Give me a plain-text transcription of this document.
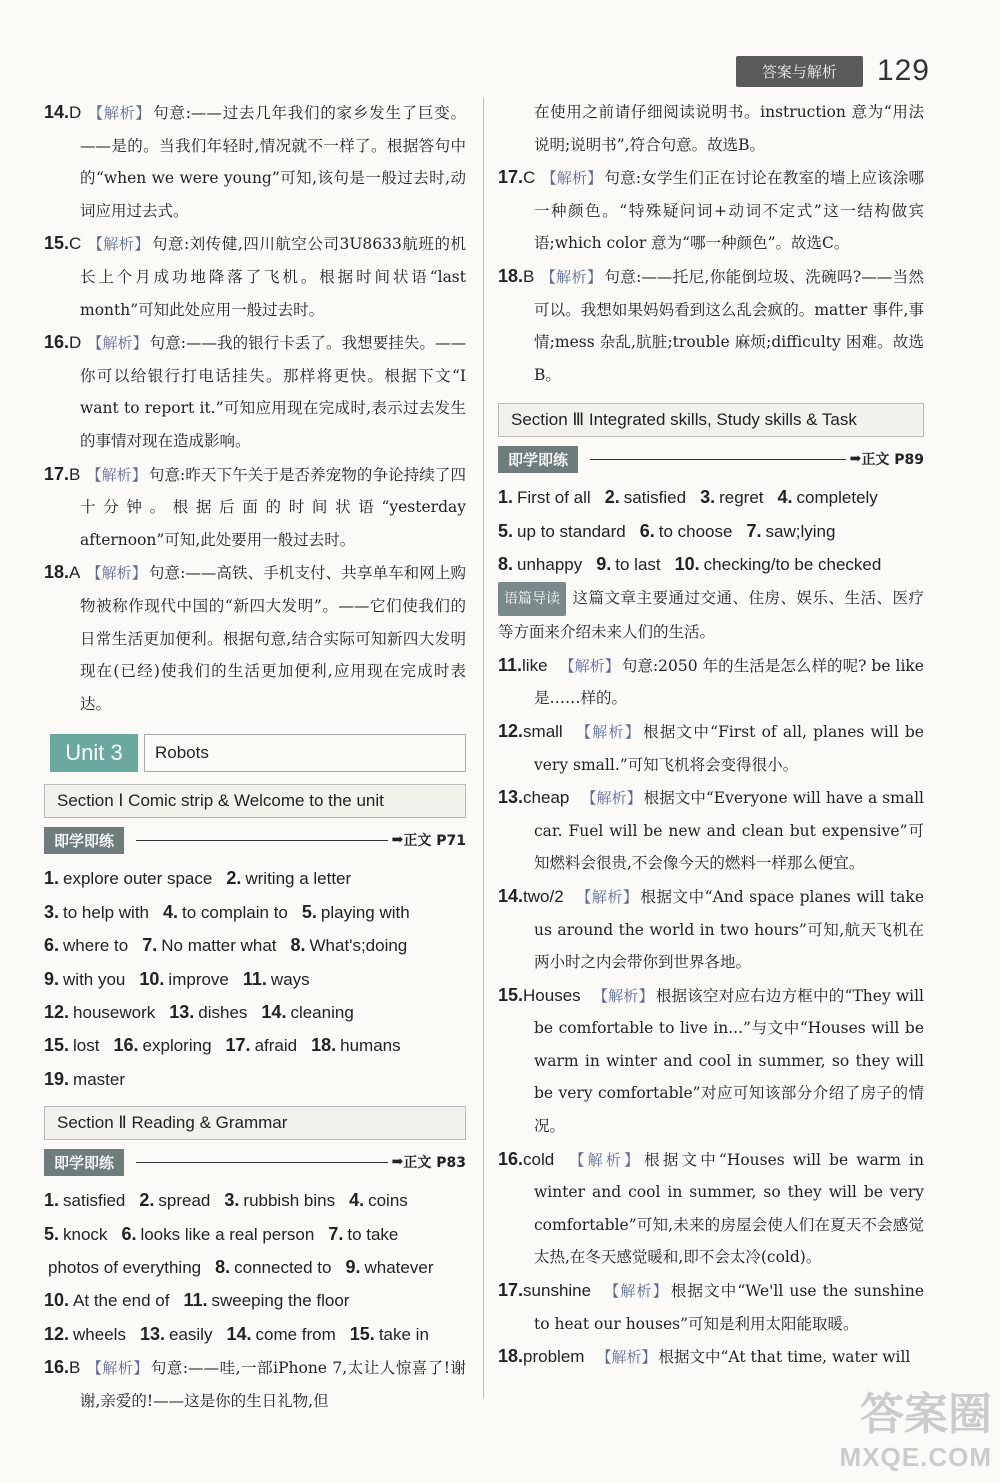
答案与解析	129
14.D 【解析】 句意:——过去几年我们的家乡发生了巨变。——是的。当我们年轻时,情况就不一样了。根据答句中的“when we were young”可知,该句是一般过去时,动词应用过去式。
15.C 【解析】 句意:刘传健,四川航空公司3U8633航班的机长上个月成功地降落了飞机。根据时间状语“last month”可知此处应用一般过去时。
16.D 【解析】 句意:——我的银行卡丢了。我想要挂失。——你可以给银行打电话挂失。那样将更快。根据下文“I want to report it.”可知应用现在完成时,表示过去发生的事情对现在造成影响。
17.B 【解析】 句意:昨天下午关于是否养宠物的争论持续了四十分钟。根据后面的时间状语“yesterday afternoon”可知,此处要用一般过去时。
18.A 【解析】 句意:——高铁、手机支付、共享单车和网上购物被称作现代中国的“新四大发明”。——它们使我们的日常生活更加便利。根据句意,结合实际可知新四大发明现在(已经)使我们的生活更加便利,应用现在完成时表达。
Unit 3	Robots
Section Ⅰ Comic strip & Welcome to the unit
即学即练	➡ 正文 P71
1. explore outer space 2. writing a letter
3. to help with 4. to complain to 5. playing with
6. where to 7. No matter what 8. What's;doing
9. with you 10. improve 11. ways
12. housework 13. dishes 14. cleaning
15. lost 16. exploring 17. afraid 18. humans
19. master
Section Ⅱ Reading & Grammar
即学即练	➡ 正文 P83
1. satisfied 2. spread 3. rubbish bins 4. coins
5. knock 6. looks like a real person 7. to take
photos of everything 8. connected to 9. whatever
10. At the end of 11. sweeping the floor
12. wheels 13. easily 14. come from 15. take in
16.B 【解析】 句意:——哇,一部iPhone 7,太让人惊喜了!谢谢,亲爱的!——这是你的生日礼物,但
在使用之前请仔细阅读说明书。instruction 意为“用法说明;说明书”,符合句意。故选B。
17.C 【解析】 句意:女学生们正在讨论在教室的墙上应该涂哪一种颜色。“特殊疑问词+动词不定式”这一结构做宾语;which color 意为“哪一种颜色”。故选C。
18.B 【解析】 句意:——托尼,你能倒垃圾、洗碗吗?——当然可以。我想如果妈妈看到这么乱会疯的。matter 事件,事情;mess 杂乱,肮脏;trouble 麻烦;difficulty 困难。故选B。
Section Ⅲ Integrated skills, Study skills & Task
即学即练	➡ 正文 P89
1. First of all 2. satisfied 3. regret 4. completely
5. up to standard 6. to choose 7. saw;lying
8. unhappy 9. to last 10. checking/to be checked
语篇导读 这篇文章主要通过交通、住房、娱乐、生活、医疗等方面来介绍未来人们的生活。
11.like 【解析】 句意:2050 年的生活是怎么样的呢? be like 是……样的。
12.small 【解析】 根据文中“First of all, planes will be very small.”可知飞机将会变得很小。
13.cheap 【解析】 根据文中“Everyone will have a small car. Fuel will be new and clean but expensive”可知燃料会很贵,不会像今天的燃料一样那么便宜。
14.two/2 【解析】 根据文中“And space planes will take us around the world in two hours”可知,航天飞机在两小时之内会带你到世界各地。
15.Houses 【解析】 根据该空对应右边方框中的“They will be comfortable to live in...”与文中“Houses will be warm in winter and cool in summer, so they will be very comfortable”对应可知该部分介绍了房子的情况。
16.cold 【解析】 根据文中“Houses will be warm in winter and cool in summer, so they will be very comfortable”可知,未来的房屋会使人们在夏天不会感觉太热,在冬天感觉暖和,即不会太冷(cold)。
17.sunshine 【解析】 根据文中“We'll use the sunshine to heat our houses”可知是利用太阳能取暖。
18.problem 【解析】 根据文中“At that time, water will
答案圈
MXQE.COM
